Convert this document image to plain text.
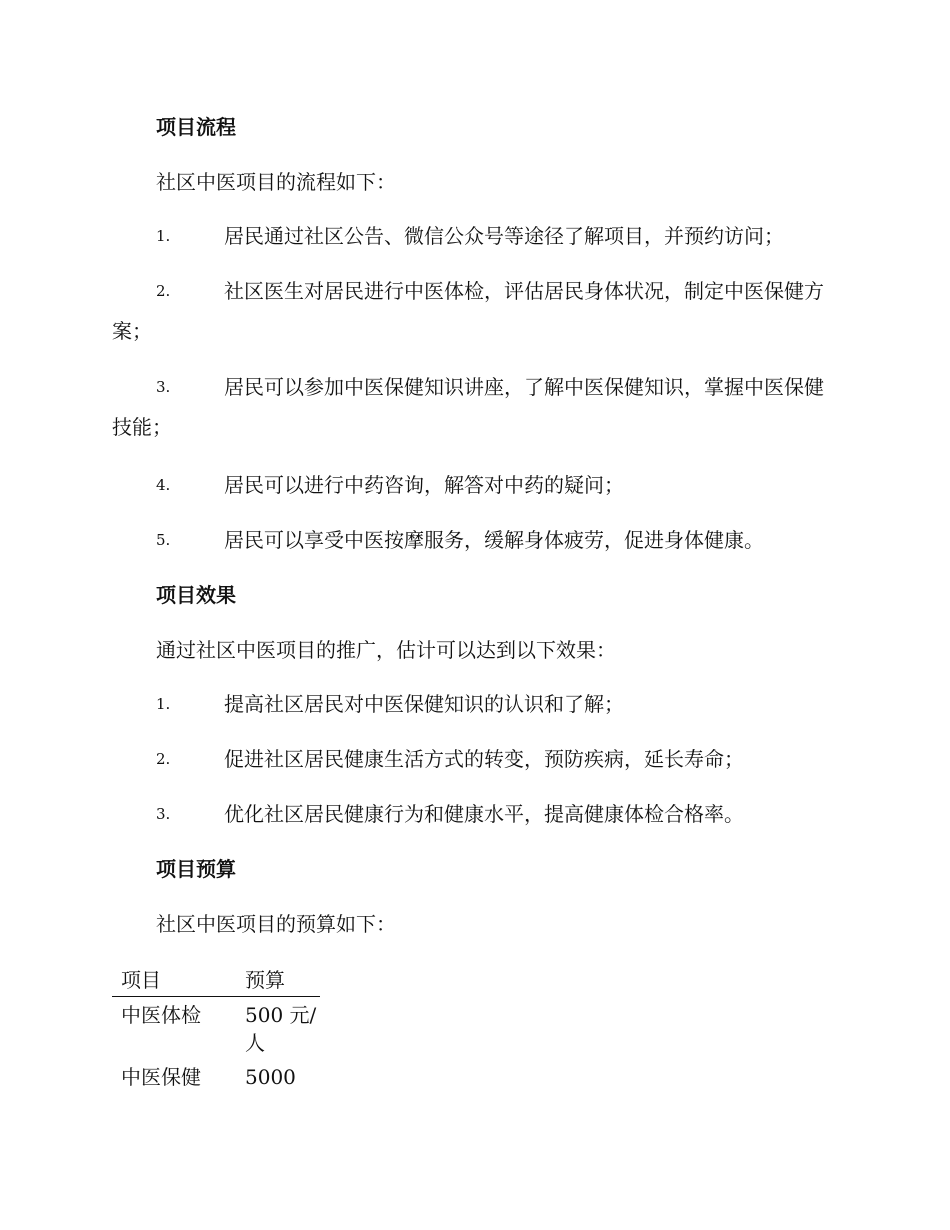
项目流程
社区中医项目的流程如下：
1.	居民通过社区公告、微信公众号等途径了解项目，并预约访问；
2.	社区医生对居民进行中医体检，评估居民身体状况，制定中医保健方案；
3.	居民可以参加中医保健知识讲座，了解中医保健知识，掌握中医保健技能；
4.	居民可以进行中药咨询，解答对中药的疑问；
5.	居民可以享受中医按摩服务，缓解身体疲劳，促进身体健康。
项目效果
通过社区中医项目的推广，估计可以达到以下效果：
1.	提高社区居民对中医保健知识的认识和了解；
2.	促进社区居民健康生活方式的转变，预防疾病，延长寿命；
3.	优化社区居民健康行为和健康水平，提高健康体检合格率。
项目预算
社区中医项目的预算如下：
项目	预算
中医体检	500 元/人
中医保健	5000
